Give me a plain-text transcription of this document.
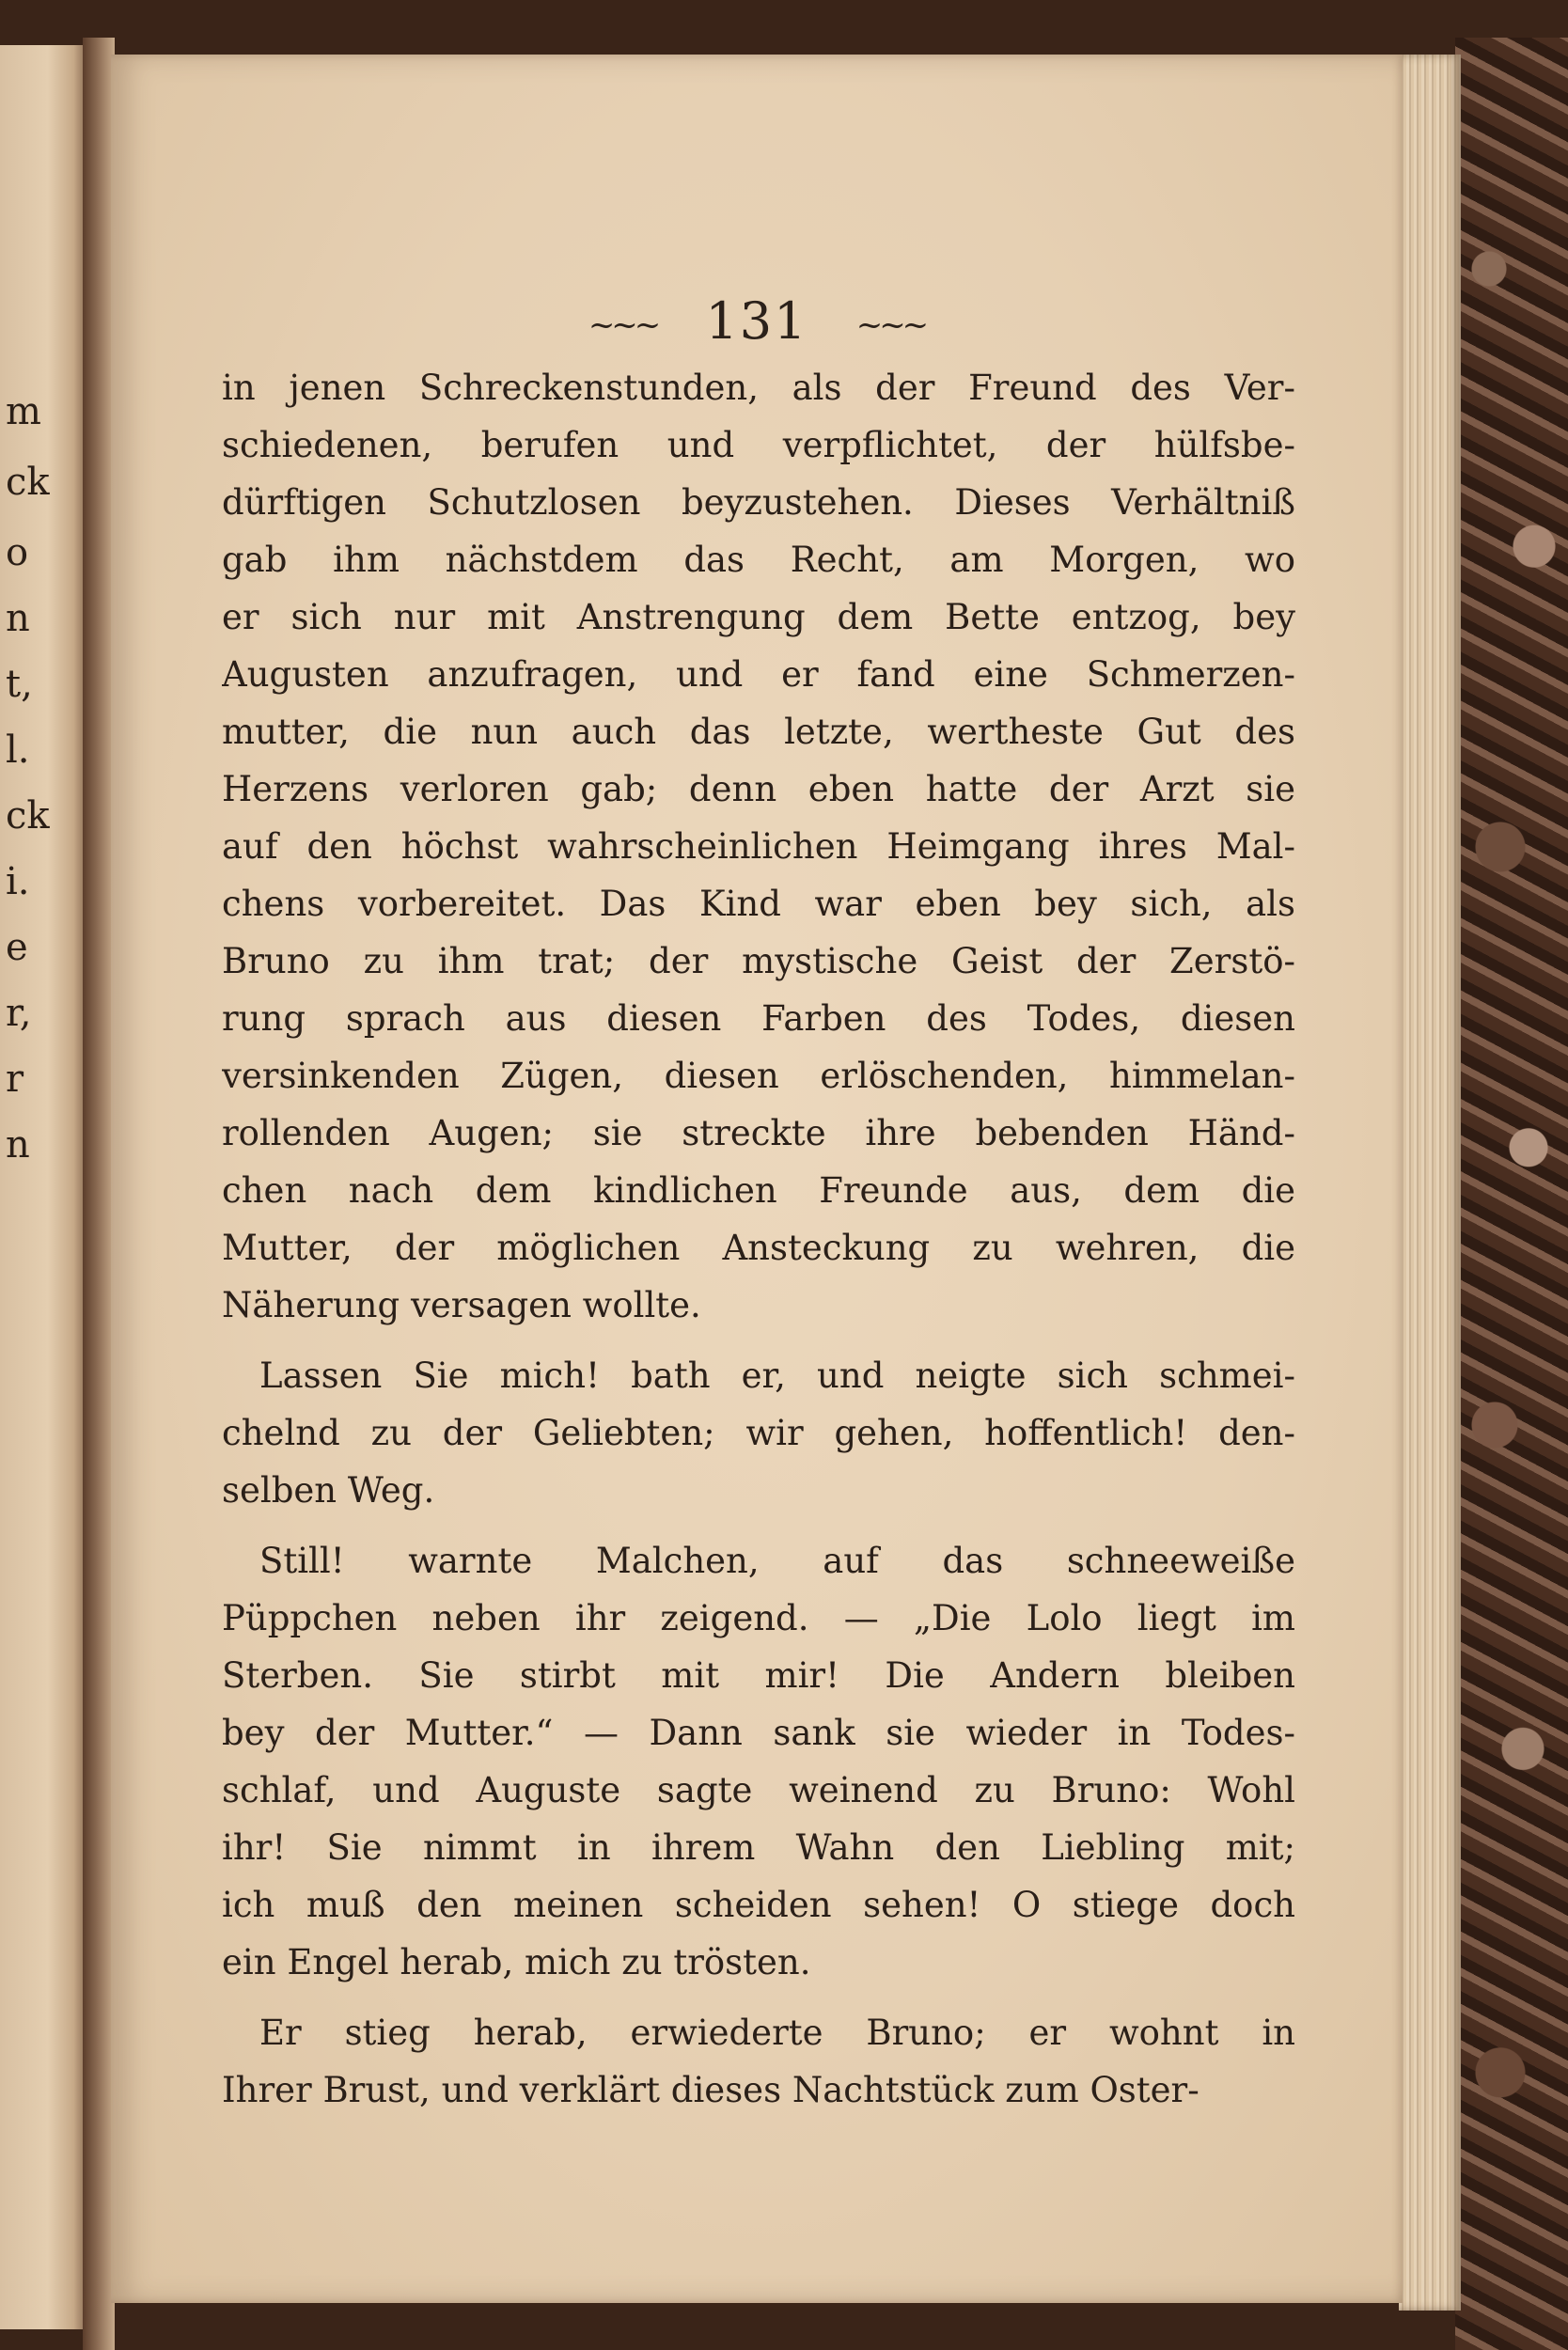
m
ck
o
n
t,
l.
ck
i.
e
r,
r
n
~~~ 131 ~~~
in jenen Schreckenstunden, als der Freund des Ver-
schiedenen, berufen und verpflichtet, der hülfsbe-
dürftigen Schutzlosen beyzustehen. Dieses Verhältniß
gab ihm nächstdem das Recht, am Morgen, wo
er sich nur mit Anstrengung dem Bette entzog, bey
Augusten anzufragen, und er fand eine Schmerzen-
mutter, die nun auch das letzte, wertheste Gut des
Herzens verloren gab; denn eben hatte der Arzt sie
auf den höchst wahrscheinlichen Heimgang ihres Mal-
chens vorbereitet. Das Kind war eben bey sich, als
Bruno zu ihm trat; der mystische Geist der Zerstö-
rung sprach aus diesen Farben des Todes, diesen
versinkenden Zügen, diesen erlöschenden, himmelan-
rollenden Augen; sie streckte ihre bebenden Händ-
chen nach dem kindlichen Freunde aus, dem die
Mutter, der möglichen Ansteckung zu wehren, die
Näherung versagen wollte.
Lassen Sie mich! bath er, und neigte sich schmei-
chelnd zu der Geliebten; wir gehen, hoffentlich! den-
selben Weg.
Still! warnte Malchen, auf das schneeweiße
Püppchen neben ihr zeigend. — „Die Lolo liegt im
Sterben. Sie stirbt mit mir! Die Andern bleiben
bey der Mutter.“ — Dann sank sie wieder in Todes-
schlaf, und Auguste sagte weinend zu Bruno: Wohl
ihr! Sie nimmt in ihrem Wahn den Liebling mit;
ich muß den meinen scheiden sehen! O stiege doch
ein Engel herab, mich zu trösten.
Er stieg herab, erwiederte Bruno; er wohnt in
Ihrer Brust, und verklärt dieses Nachtstück zum Oster-
